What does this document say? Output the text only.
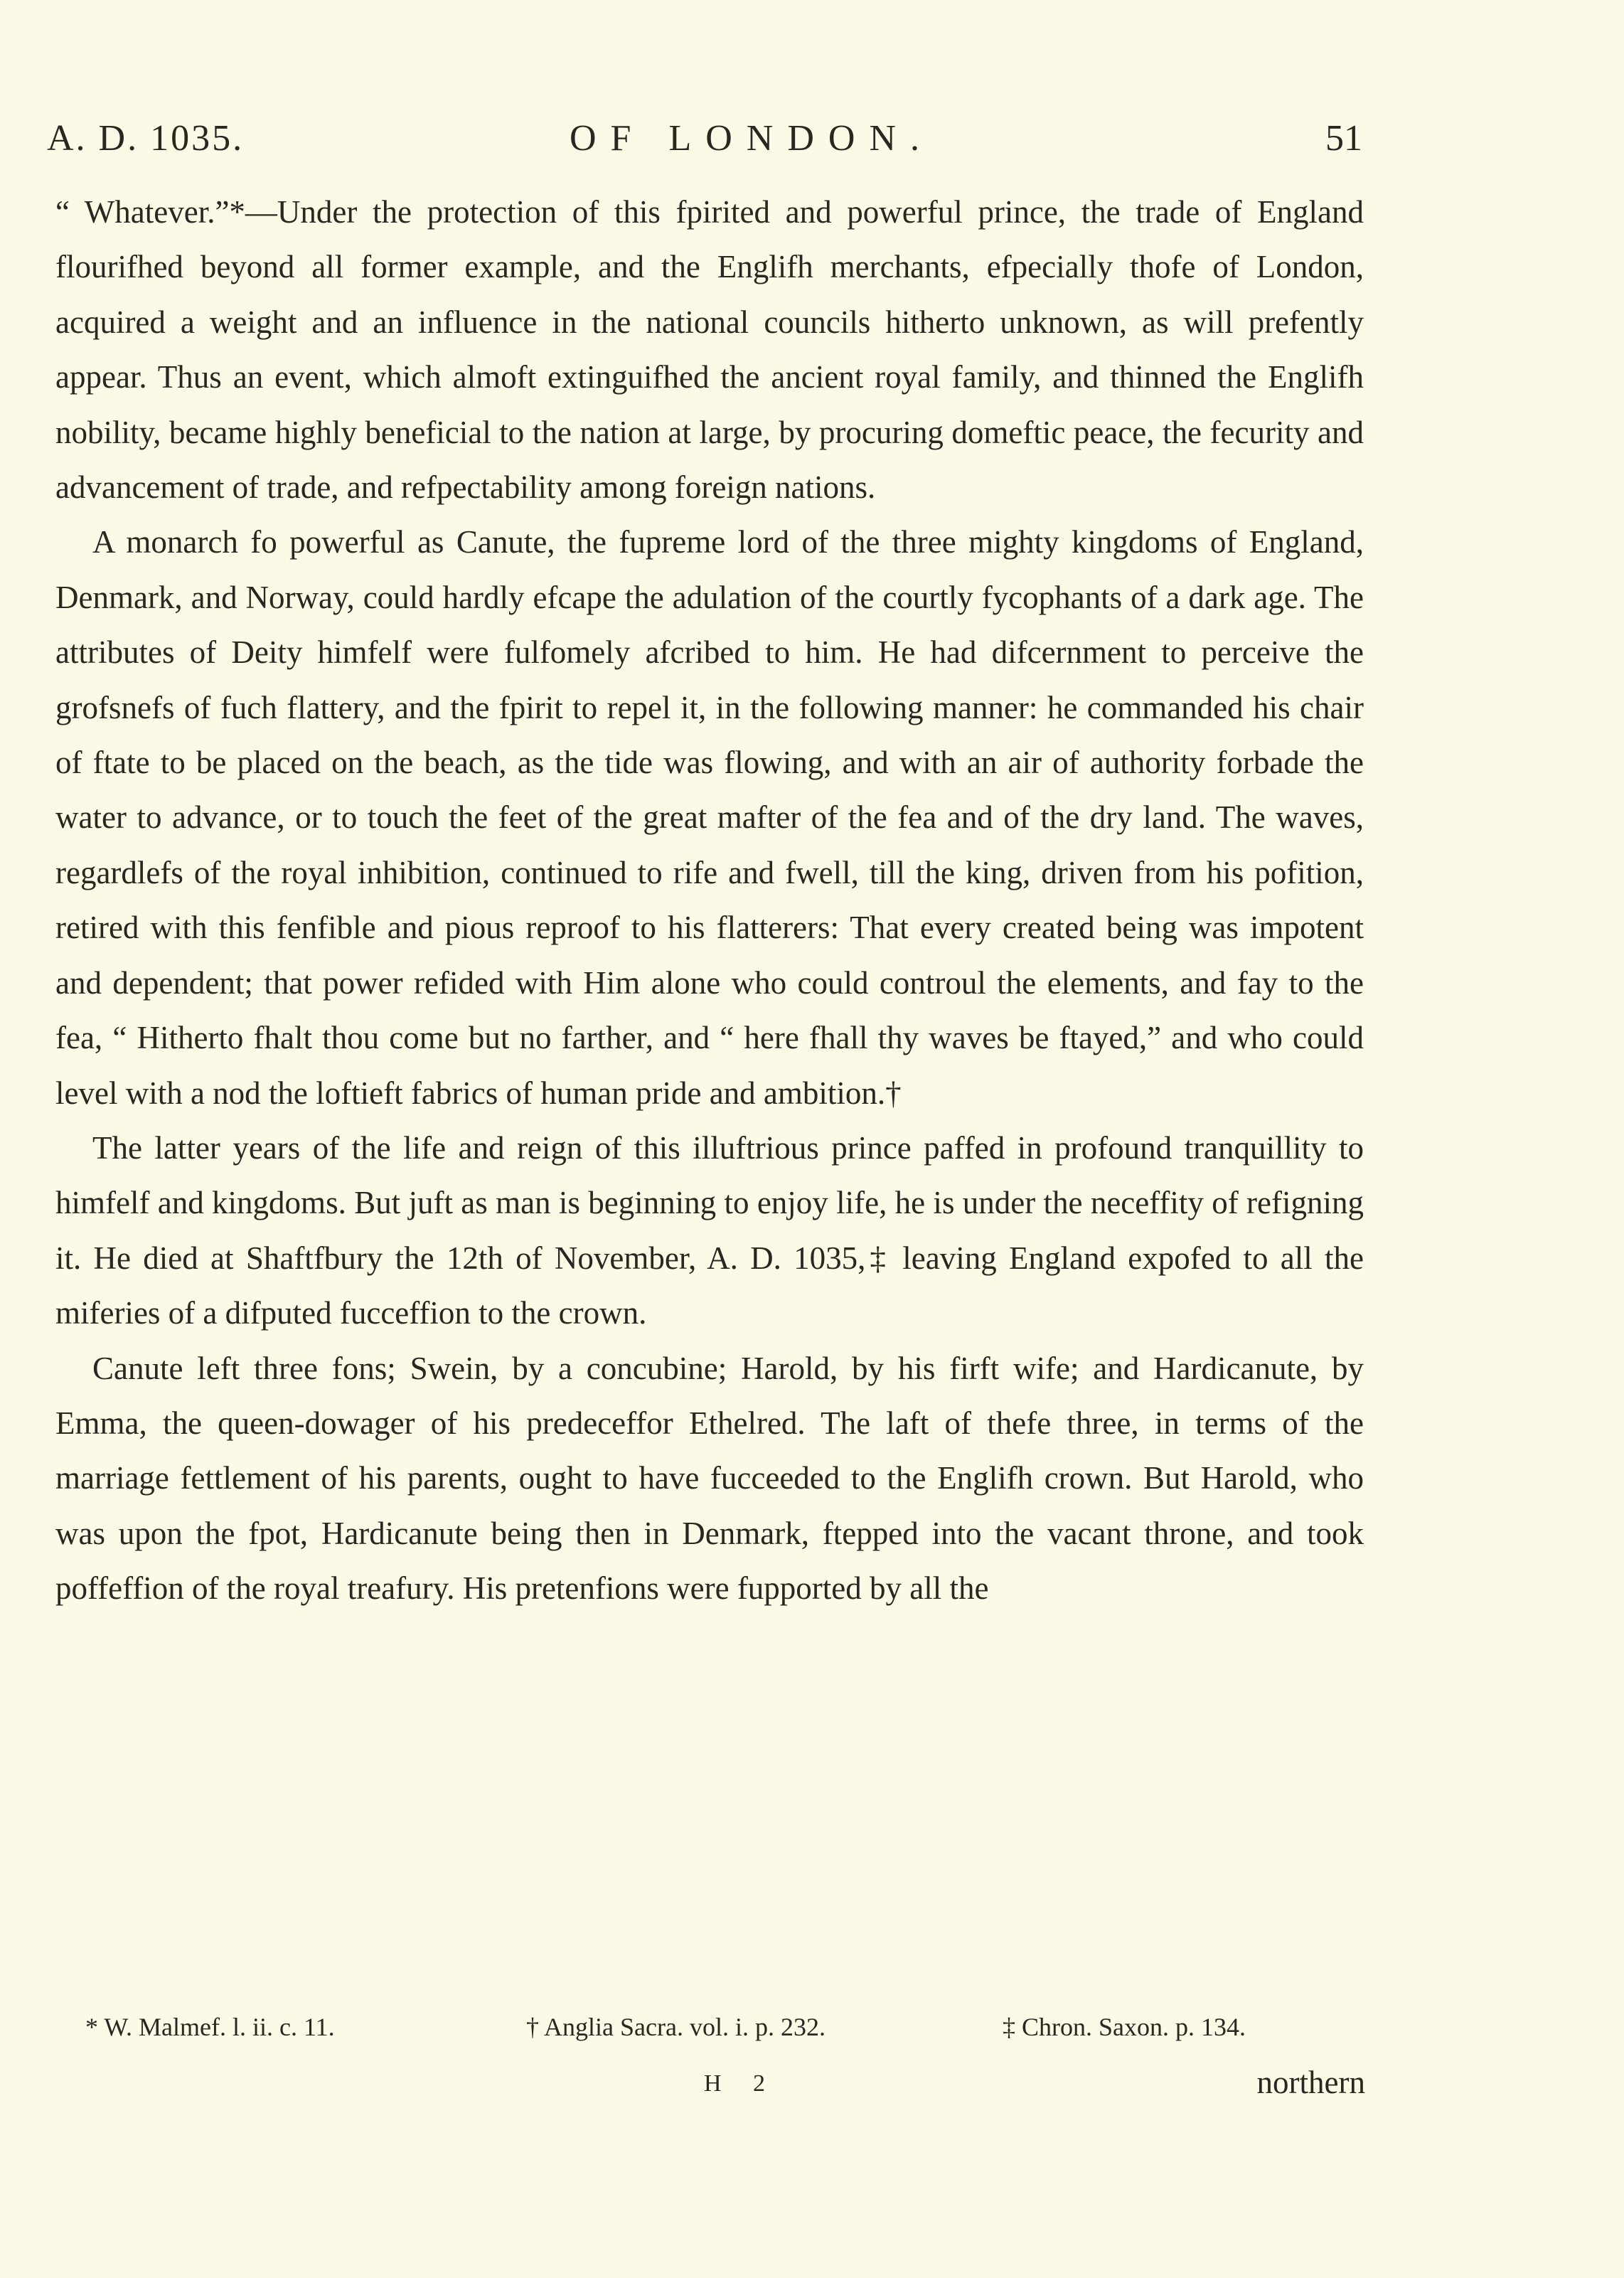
A. D. 1035.	OF LONDON.	51

“ Whatever.”*—Under the protection of this fpirited and powerful prince, the trade of England flourifhed beyond all former example, and the Englifh merchants, efpecially thofe of London, acquired a weight and an influence in the national councils hitherto unknown, as will prefently appear. Thus an event, which almoft extinguifhed the ancient royal family, and thinned the Englifh nobility, became highly beneficial to the nation at large, by procuring domeftic peace, the fecurity and advancement of trade, and refpectability among foreign nations.

A monarch fo powerful as Canute, the fupreme lord of the three mighty kingdoms of England, Denmark, and Norway, could hardly efcape the adulation of the courtly fycophants of a dark age. The attributes of Deity himfelf were fulfomely afcribed to him. He had difcernment to perceive the grofsnefs of fuch flattery, and the fpirit to repel it, in the following manner: he commanded his chair of ftate to be placed on the beach, as the tide was flowing, and with an air of authority forbade the water to advance, or to touch the feet of the great mafter of the fea and of the dry land. The waves, regardlefs of the royal inhibition, continued to rife and fwell, till the king, driven from his pofition, retired with this fenfible and pious reproof to his flatterers: That every created being was impotent and dependent; that power refided with Him alone who could controul the elements, and fay to the fea, “ Hitherto fhalt thou come but no farther, and “ here fhall thy waves be ftayed,” and who could level with a nod the loftieft fabrics of human pride and ambition.†

The latter years of the life and reign of this illuftrious prince paffed in profound tranquillity to himfelf and kingdoms. But juft as man is beginning to enjoy life, he is under the neceffity of refigning it. He died at Shaftfbury the 12th of November, A. D. 1035,‡ leaving England expofed to all the miferies of a difputed fucceffion to the crown.

Canute left three fons; Swein, by a concubine; Harold, by his firft wife; and Hardicanute, by Emma, the queen-dowager of his predeceffor Ethelred. The laft of thefe three, in terms of the marriage fettlement of his parents, ought to have fucceeded to the Englifh crown. But Harold, who was upon the fpot, Hardicanute being then in Denmark, ftepped into the vacant throne, and took poffeffion of the royal treafury. His pretenfions were fupported by all the

* W. Malmef. l. ii. c. 11.	† Anglia Sacra. vol. i. p. 232.	‡ Chron. Saxon. p. 134.
H 2	northern
